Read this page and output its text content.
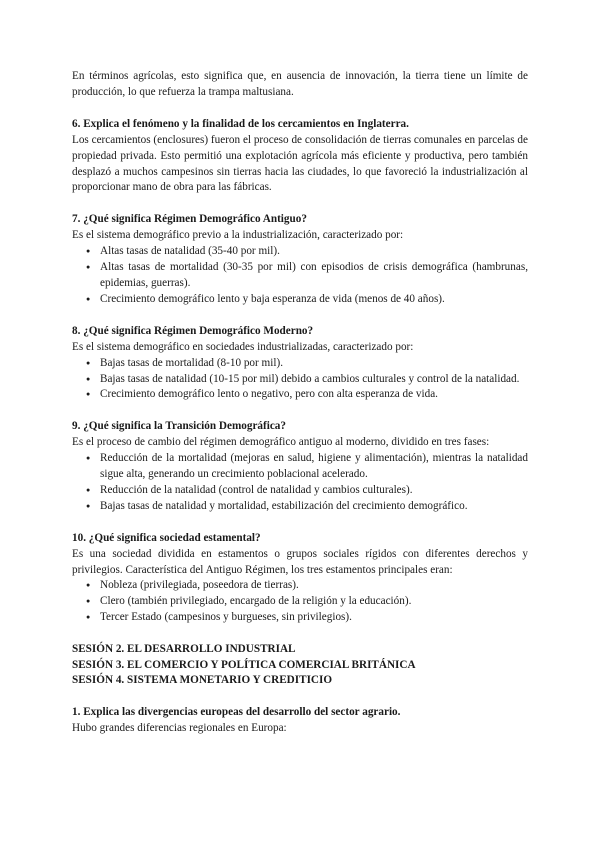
En términos agrícolas, esto significa que, en ausencia de innovación, la tierra tiene un límite de producción, lo que refuerza la trampa maltusiana.

6. Explica el fenómeno y la finalidad de los cercamientos en Inglaterra.

Los cercamientos (enclosures) fueron el proceso de consolidación de tierras comunales en parcelas de propiedad privada. Esto permitió una explotación agrícola más eficiente y productiva, pero también desplazó a muchos campesinos sin tierras hacia las ciudades, lo que favoreció la industrialización al proporcionar mano de obra para las fábricas.

7. ¿Qué significa Régimen Demográfico Antiguo?

Es el sistema demográfico previo a la industrialización, caracterizado por:

● Altas tasas de natalidad (35-40 por mil).
● Altas tasas de mortalidad (30-35 por mil) con episodios de crisis demográfica (hambrunas, epidemias, guerras).
● Crecimiento demográfico lento y baja esperanza de vida (menos de 40 años).
8. ¿Qué significa Régimen Demográfico Moderno?

Es el sistema demográfico en sociedades industrializadas, caracterizado por:

● Bajas tasas de mortalidad (8-10 por mil).
● Bajas tasas de natalidad (10-15 por mil) debido a cambios culturales y control de la natalidad.
● Crecimiento demográfico lento o negativo, pero con alta esperanza de vida.
9. ¿Qué significa la Transición Demográfica?

Es el proceso de cambio del régimen demográfico antiguo al moderno, dividido en tres fases:

● Reducción de la mortalidad (mejoras en salud, higiene y alimentación), mientras la natalidad sigue alta, generando un crecimiento poblacional acelerado.
● Reducción de la natalidad (control de natalidad y cambios culturales).
● Bajas tasas de natalidad y mortalidad, estabilización del crecimiento demográfico.
10. ¿Qué significa sociedad estamental?

Es una sociedad dividida en estamentos o grupos sociales rígidos con diferentes derechos y privilegios. Característica del Antiguo Régimen, los tres estamentos principales eran:

● Nobleza (privilegiada, poseedora de tierras).
● Clero (también privilegiado, encargado de la religión y la educación).
● Tercer Estado (campesinos y burgueses, sin privilegios).
SESIÓN 2. EL DESARROLLO INDUSTRIAL
SESIÓN 3. EL COMERCIO Y POLÍTICA COMERCIAL BRITÁNICA
SESIÓN 4. SISTEMA MONETARIO Y CREDITICIO
1. Explica las divergencias europeas del desarrollo del sector agrario.

Hubo grandes diferencias regionales en Europa:
